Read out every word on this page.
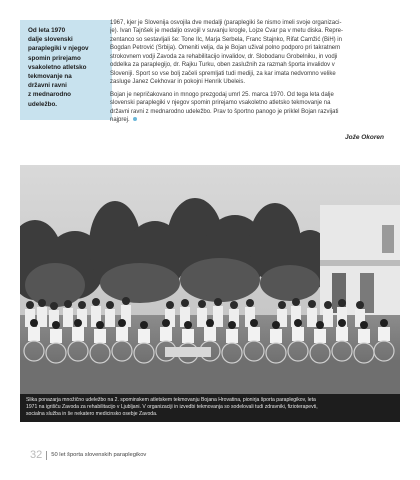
Od leta 1970
dalje slovenski
paraplegiki v njegov
spomin prirejamo
vsakoletno atletsko
tekmovanje na
državni ravni
z mednarodno
udeležbo.

1967, kjer je Slovenija osvojila dve medalji (paraplegiki še nismo imeli svoje organizaci-
je). Ivan Tajnšek je medaljo osvojil v suvanju krogle, Lojze Cvar pa v metu diska. Repre-
zentanco so sestavljali še: Tone Ilc, Marja Šerbela, Franc Stajnko, Rifat Čamžić (BiH) in
Bogdan Petrović (Srbija). Omeniti velja, da je Bojan užival polno podporo pri takratnem
strokovnem vodji Zavoda za rehabilitacijo invalidov, dr. Slobodanu Grobelniku, in vodji
oddelka za paraplegijo, dr. Rajku Turku, oben zaslužnih za razmah športa invalidov v
Sloveniji. Šport so vse bolj začeli spremljati tudi mediji, za kar imata nedvomno velike
zasluge Janez Cekhovar in pokojni Henrik Ubeleis.

Bojan je nepričakovano in mnogo prezgodaj umrl 25. marca 1970. Od tega leta dalje
slovenski paraplegiki v njegov spomin prirejamo vsakoletno atletsko tekmovanje na
državni ravni z mednarodno udeležbo. Prav to športno panogo je priklel Bojan razvijati
najprej.

Jože Okoren
Slika ponazarja množično udeležbo na 2. spominskem atletskem tekmovanju Bojana Hrovatina, pionirja športa paraplegikov, leta
1971 na igrišču Zavoda za rehabilitacijo v Ljubljani. V organizaciji in izvedbi tekmovanja so sodelovali tudi zdravniki, fizioterapevti,
socialna služba in še nekatero medicinsko osebje Zavoda.
32 50 let športa slovenskih paraplegikov
